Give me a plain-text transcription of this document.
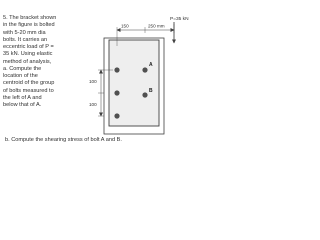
5. The bracket shown
in the figure is bolted
with 5-20 mm dia
bolts. It carries an
eccentric load of P =
35 kN. Using elastic
method of analysis,
a. Compute the
location of the
centroid of the group
of bolts measured to
the left of A and
below that of A.

150	250 mm
P=35 kN
100
100
A
B

b. Compute the shearing stress of bolt A and B.
